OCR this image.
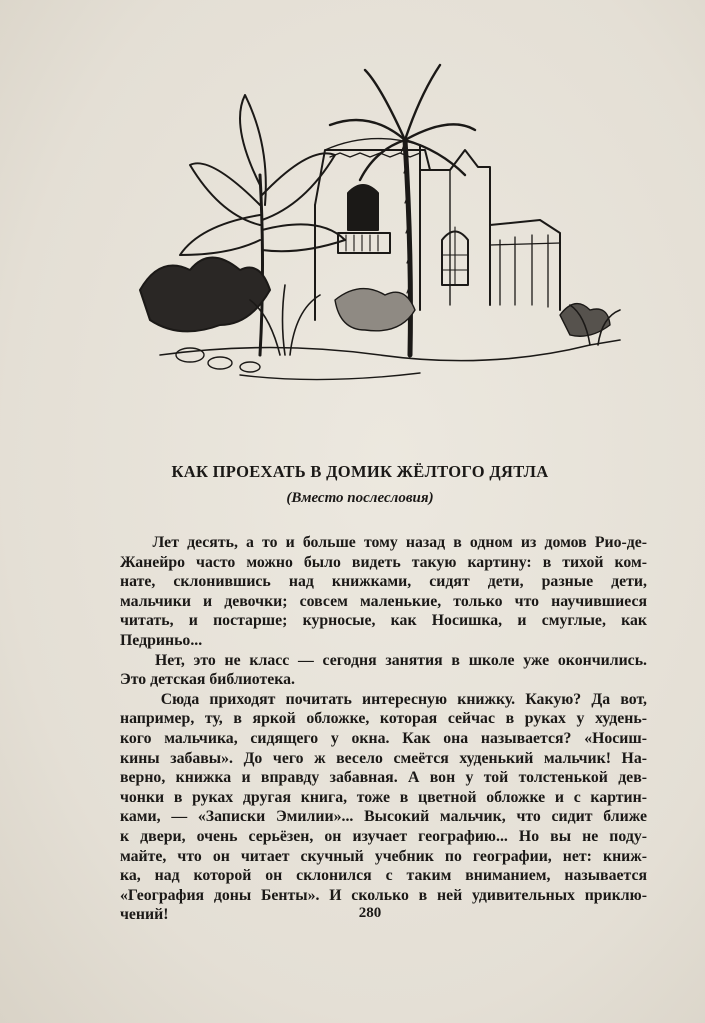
КАК ПРОЕХАТЬ В ДОМИК ЖЁЛТОГО ДЯТЛА
(Вместо послесловия)

Лет десять, а то и больше тому назад в одном из домов Рио-де-

Жанейро часто можно было видеть такую картину: в тихой ком-

нате, склонившись над книжками, сидят дети, разные дети,

мальчики и девочки; совсем маленькие, только что научившиеся

читать, и постарше; курносые, как Носишка, и смуглые, как

Педриньо...

Нет, это не класс — сегодня занятия в школе уже окончились.

Это детская библиотека.

Сюда приходят почитать интересную книжку. Какую? Да вот,

например, ту, в яркой обложке, которая сейчас в руках у худень-

кого мальчика, сидящего у окна. Как она называется? «Носиш-

кины забавы». До чего ж весело смеётся худенький мальчик! На-

верно, книжка и вправду забавная. А вон у той толстенькой дев-

чонки в руках другая книга, тоже в цветной обложке и с картин-

ками, — «Записки Эмилии»... Высокий мальчик, что сидит ближе

к двери, очень серьёзен, он изучает географию... Но вы не поду-

майте, что он читает скучный учебник по географии, нет: книж-

ка, над которой он склонился с таким вниманием, называется

«География доны Бенты». И сколько в ней удивительных приклю-

чений!	280
